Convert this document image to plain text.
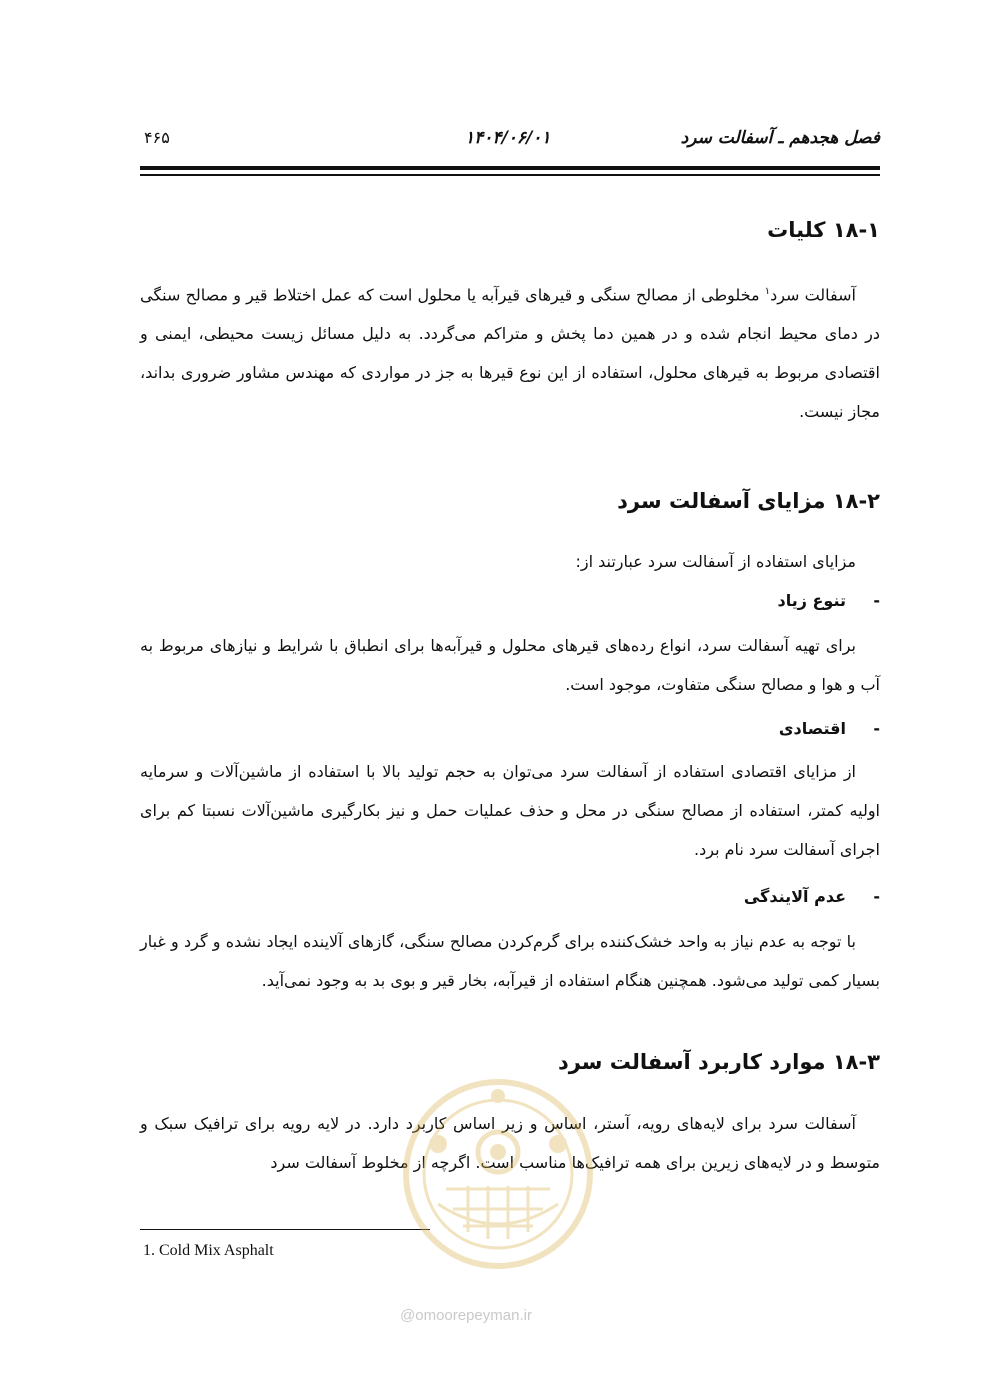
فصل هجدهم ـ آسفالت سرد
۱۴۰۴/۰۶/۰۱
۴۶۵
۱۸-۱ کلیات
آسفالت سرد$^۱$ مخلوطی از مصالح سنگی و قیرهای قیرآبه یا محلول است که عمل اختلاط قیر و مصالح سنگی در دمای محیط انجام شده و در همین دما پخش و متراکم می‌گردد. به دلیل مسائل زیست محیطی، ایمنی و اقتصادی مربوط به قیرهای محلول، استفاده از این نوع قیرها به جز در مواردی که مهندس مشاور ضروری بداند، مجاز نیست.
۱۸-۲ مزایای آسفالت سرد
مزایای استفاده از آسفالت سرد عبارتند از:
-تنوع زیاد
برای تهیه آسفالت سرد، انواع رده‌های قیرهای محلول و قیرآبه‌ها برای انطباق با شرایط و نیازهای مربوط به آب و هوا و مصالح سنگی متفاوت، موجود است.
-اقتصادی
از مزایای اقتصادی استفاده از آسفالت سرد می‌توان به حجم تولید بالا با استفاده از ماشین‌آلات و سرمایه اولیه کمتر، استفاده از مصالح سنگی در محل و حذف عملیات حمل و نیز بکارگیری ماشین‌آلات نسبتا کم برای اجرای آسفالت سرد نام برد.
-عدم آلایندگی
با توجه به عدم نیاز به واحد خشک‌کننده برای گرم‌کردن مصالح سنگی، گازهای آلاینده ایجاد نشده و گرد و غبار بسیار کمی تولید می‌شود. همچنین هنگام استفاده از قیرآبه، بخار قیر و بوی بد به وجود نمی‌آید.
۱۸-۳ موارد کاربرد آسفالت سرد
آسفالت سرد برای لایه‌های رویه، آستر، اساس و زیر اساس کاربرد دارد. در لایه رویه برای ترافیک سبک و متوسط و در لایه‌های زیرین برای همه ترافیک‌ها مناسب است. اگرچه از مخلوط آسفالت سرد
1. Cold Mix Asphalt
@omoorepeyman.ir
